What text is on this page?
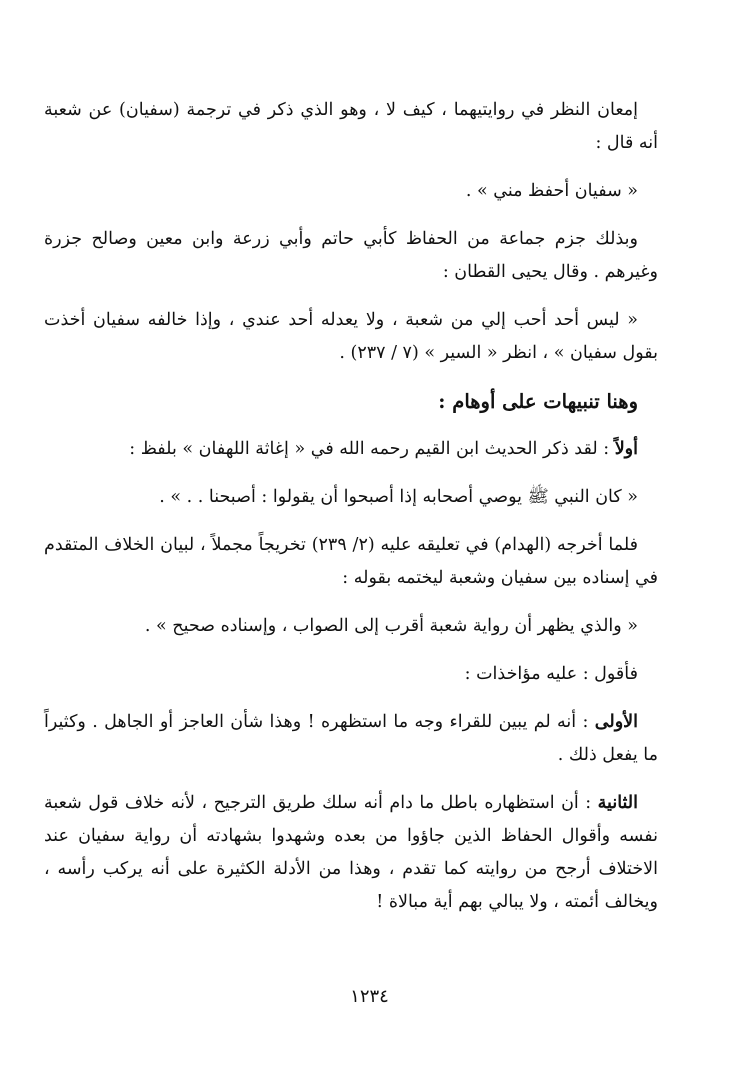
إمعان النظر في روايتيهما ، كيف لا ، وهو الذي ذكر في ترجمة (سفيان) عن شعبة أنه قال :

« سفيان أحفظ مني » .

وبذلك جزم جماعة من الحفاظ كأبي حاتم وأبي زرعة وابن معين وصالح جزرة وغيرهم . وقال يحيى القطان :

« ليس أحد أحب إلي من شعبة ، ولا يعدله أحد عندي ، وإذا خالفه سفيان أخذت بقول سفيان » ، انظر « السير » (٧ / ٢٣٧) .

وهنا تنبيهات على أوهام :

أولاً : لقد ذكر الحديث ابن القيم رحمه الله في « إغاثة اللهفان » بلفظ :

« كان النبي ﷺ يوصي أصحابه إذا أصبحوا أن يقولوا : أصبحنا . . » .

فلما أخرجه (الهدام) في تعليقه عليه (٢/ ٢٣٩) تخريجاً مجملاً ، لبيان الخلاف المتقدم في إسناده بين سفيان وشعبة ليختمه بقوله :

« والذي يظهر أن رواية شعبة أقرب إلى الصواب ، وإسناده صحيح » .

فأقول : عليه مؤاخذات :

الأولى : أنه لم يبين للقراء وجه ما استظهره ! وهذا شأن العاجز أو الجاهل . وكثيراً ما يفعل ذلك .

الثانية : أن استظهاره باطل ما دام أنه سلك طريق الترجيح ، لأنه خلاف قول شعبة نفسه وأقوال الحفاظ الذين جاؤوا من بعده وشهدوا بشهادته أن رواية سفيان عند الاختلاف أرجح من روايته كما تقدم ، وهذا من الأدلة الكثيرة على أنه يركب رأسه ، ويخالف أئمته ، ولا يبالي بهم أية مبالاة !

١٢٣٤
